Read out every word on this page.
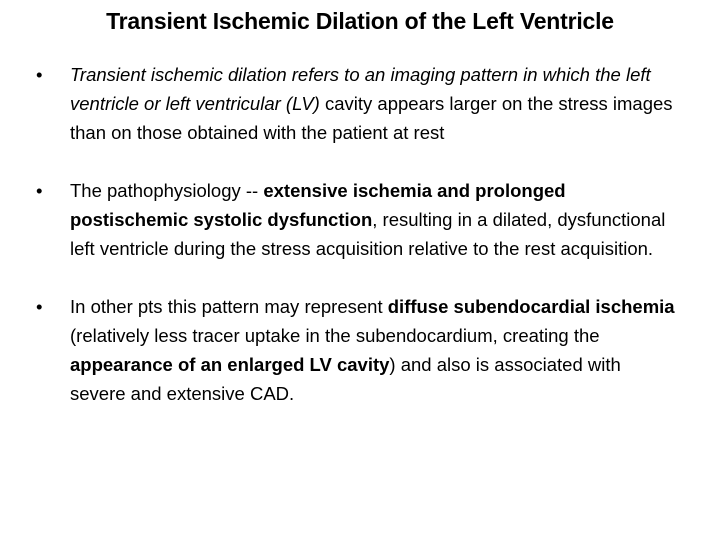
Transient Ischemic Dilation of the Left Ventricle
•	Transient ischemic dilation refers to an imaging pattern in which the left ventricle or left ventricular (LV) cavity appears larger on the stress images than on those obtained with the patient at rest
•	The pathophysiology -- extensive ischemia and prolonged postischemic systolic dysfunction, resulting in a dilated, dysfunctional left ventricle during the stress acquisition relative to the rest acquisition.
•	In other pts this pattern may represent diffuse subendocardial ischemia (relatively less tracer uptake in the subendocardium, creating the appearance of an enlarged LV cavity) and also is associated with severe and extensive CAD.
